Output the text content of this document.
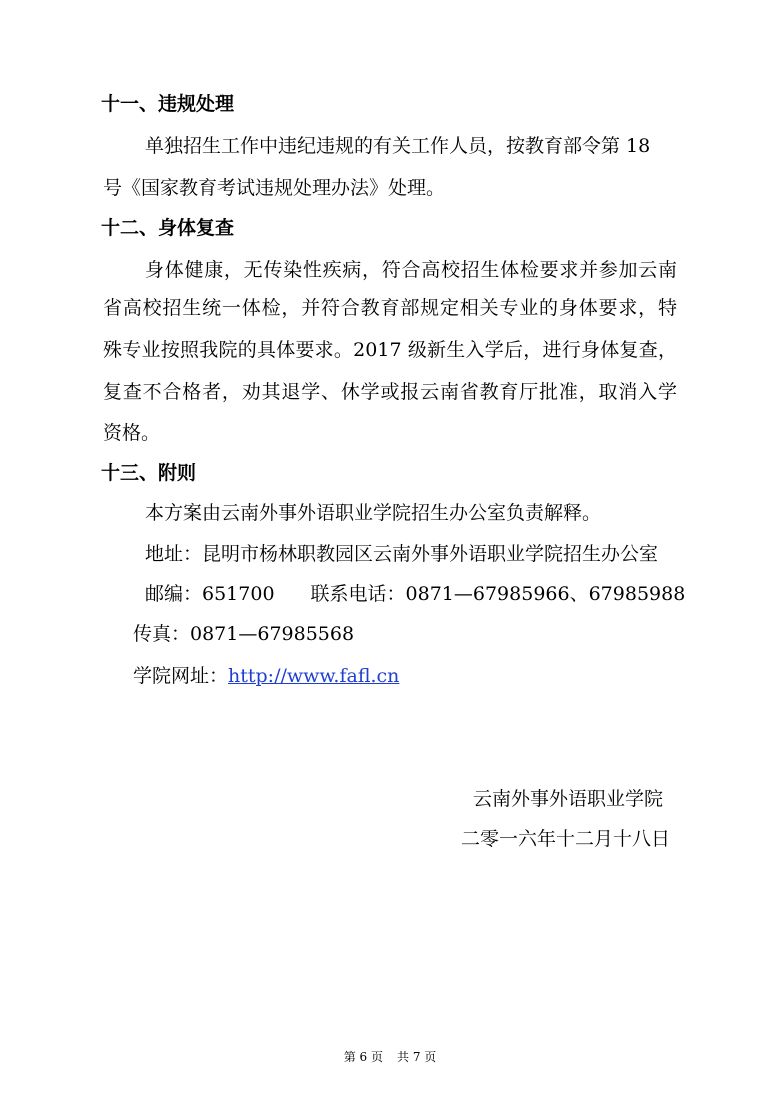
十一、违规处理

单独招生工作中违纪违规的有关工作人员，按教育部令第 18

号《国家教育考试违规处理办法》处理。

十二、身体复查

身体健康，无传染性疾病，符合高校招生体检要求并参加云南

省高校招生统一体检，并符合教育部规定相关专业的身体要求，特

殊专业按照我院的具体要求。2017 级新生入学后，进行身体复查，

复查不合格者，劝其退学、休学或报云南省教育厅批准，取消入学

资格。

十三、附则

本方案由云南外事外语职业学院招生办公室负责解释。

地址：昆明市杨林职教园区云南外事外语职业学院招生办公室

邮编：651700 联系电话：0871—67985966、67985988

传真：0871—67985568

学院网址：http://www.fafl.cn

云南外事外语职业学院

二零一六年十二月十八日

第 6 页 共 7 页
